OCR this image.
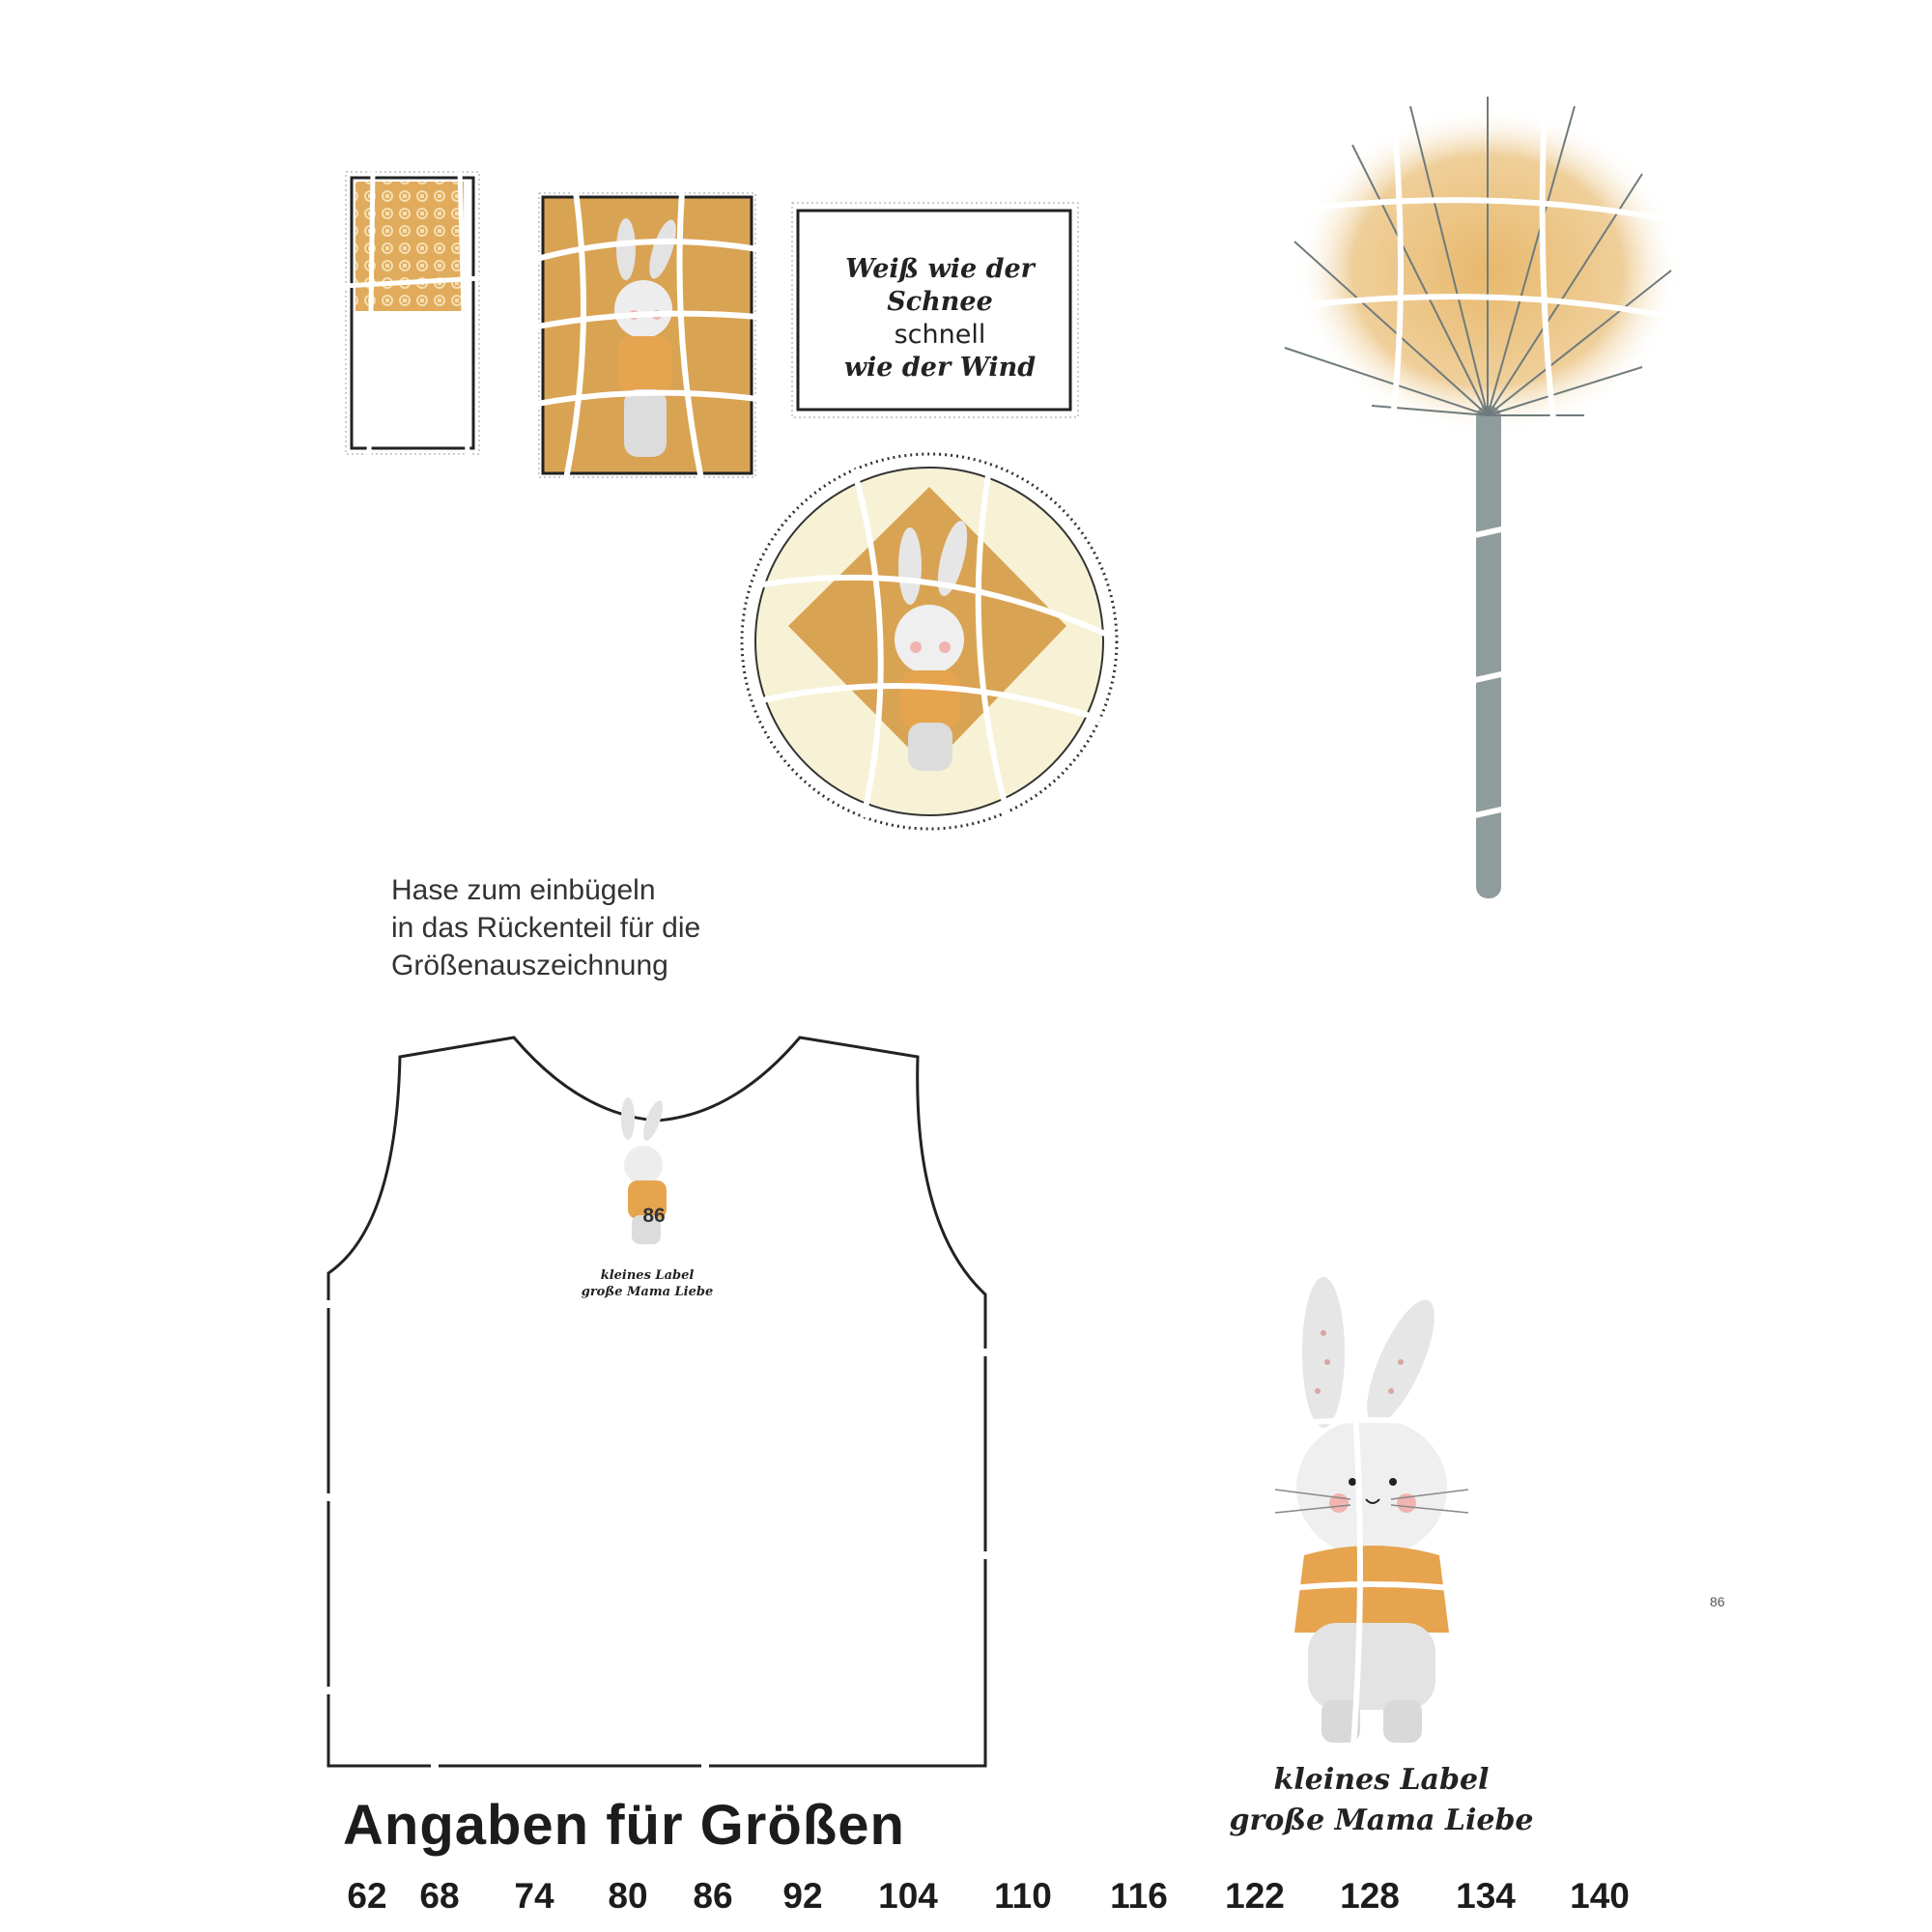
Weiß wie der Schnee
schnell
wie der Wind
Hase zum einbügeln
in das Rückenteil für die
Größenauszeichnung
86
kleines Label
große Mama Liebe
kleines Label
große Mama Liebe
86
Angaben für Größen
62 68 74 80 86 92 104 110 116 122 128 134 140
